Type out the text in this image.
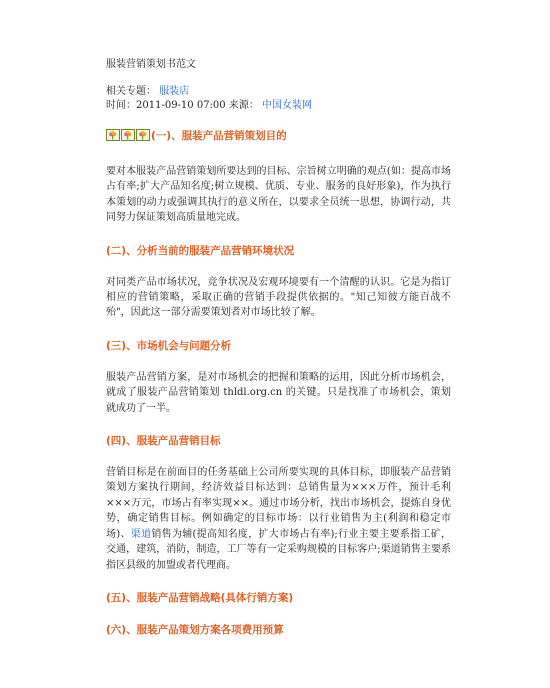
服装营销策划书范文

相关专题： 服装店

时间：2011-09-10 07:00 来源： 中国女装网

(一)、服装产品营销策划目的

要对本服装产品营销策划所要达到的目标、宗旨树立明确的观点(如：提高市场占有率;扩大产品知名度;树立规模、优质、专业、服务的良好形象)，作为执行本策划的动力或强调其执行的意义所在，以要求全员统一思想，协调行动，共同努力保证策划高质量地完成。

(二)、分析当前的服装产品营销环境状况

对同类产品市场状况，竞争状况及宏观环境要有一个清醒的认识。它是为指订相应的营销策略，采取正确的营销手段提供依据的。"知己知彼方能百战不殆"，因此这一部分需要策划者对市场比较了解。

(三)、市场机会与问题分析

服装产品营销方案，是对市场机会的把握和策略的运用，因此分析市场机会，就成了服装产品营销策划 thldl.org.cn 的关键。只是找准了市场机会，策划就成功了一半。

(四)、服装产品营销目标

营销目标是在前面目的任务基础上公司所要实现的具体目标，即服装产品营销策划方案执行期间，经济效益目标达到：总销售量为×××万件，预计毛利×××万元，市场占有率实现××。通过市场分析，找出市场机会，提炼自身优势，确定销售目标。例如确定的目标市场：以行业销售为主(利润和稳定市场)、渠道销售为辅(提高知名度，扩大市场占有率);行业主要主要系指工矿，交通，建筑，消防，制造，工厂等有一定采购规模的目标客户;渠道销售主要系指区县级的加盟或者代理商。

(五)、服装产品营销战略(具体行销方案)

(六)、服装产品策划方案各项费用预算
